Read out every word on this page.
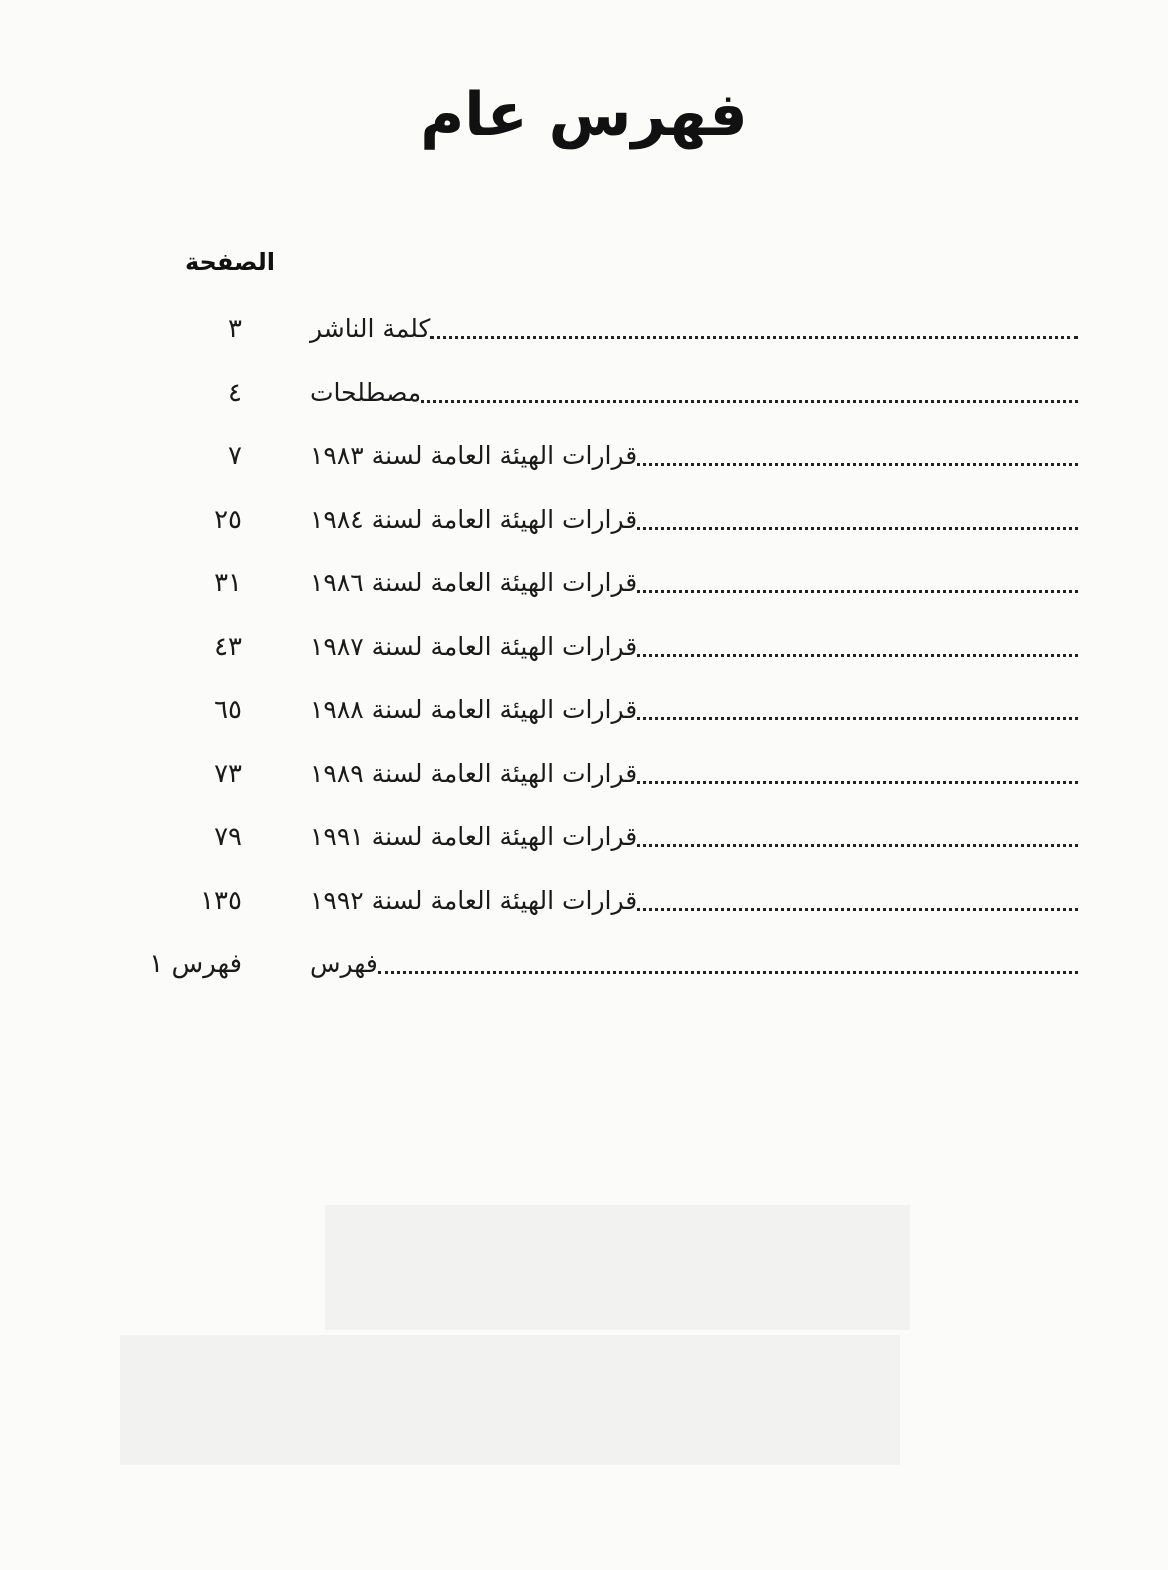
فهرس عام
الصفحة
٣	كلمة الناشر
٤	مصطلحات
٧	قرارات الهيئة العامة لسنة ١٩٨٣
٢٥	قرارات الهيئة العامة لسنة ١٩٨٤
٣١	قرارات الهيئة العامة لسنة ١٩٨٦
٤٣	قرارات الهيئة العامة لسنة ١٩٨٧
٦٥	قرارات الهيئة العامة لسنة ١٩٨٨
٧٣	قرارات الهيئة العامة لسنة ١٩٨٩
٧٩	قرارات الهيئة العامة لسنة ١٩٩١
١٣٥	قرارات الهيئة العامة لسنة ١٩٩٢
فهرس ١	فهرس
